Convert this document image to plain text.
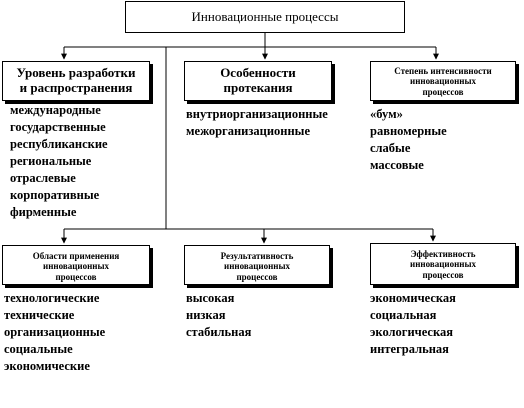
Инновационные процессы
Уровень разработки
и распространения
Особенности
протекания
Степень интенсивности
инновационных
процессов
международные
государственные
республиканские
региональные
отраслевые
корпоративные
фирменные
внутриорганизационные
межорганизационные
«бум»
равномерные
слабые
массовые
Области применения
инновационных
процессов
Результативность
инновационных
процессов
Эффективность
инновационных
процессов
технологические
технические
организационные
социальные
экономические
высокая
низкая
стабильная
экономическая
социальная
экологическая
интегральная
